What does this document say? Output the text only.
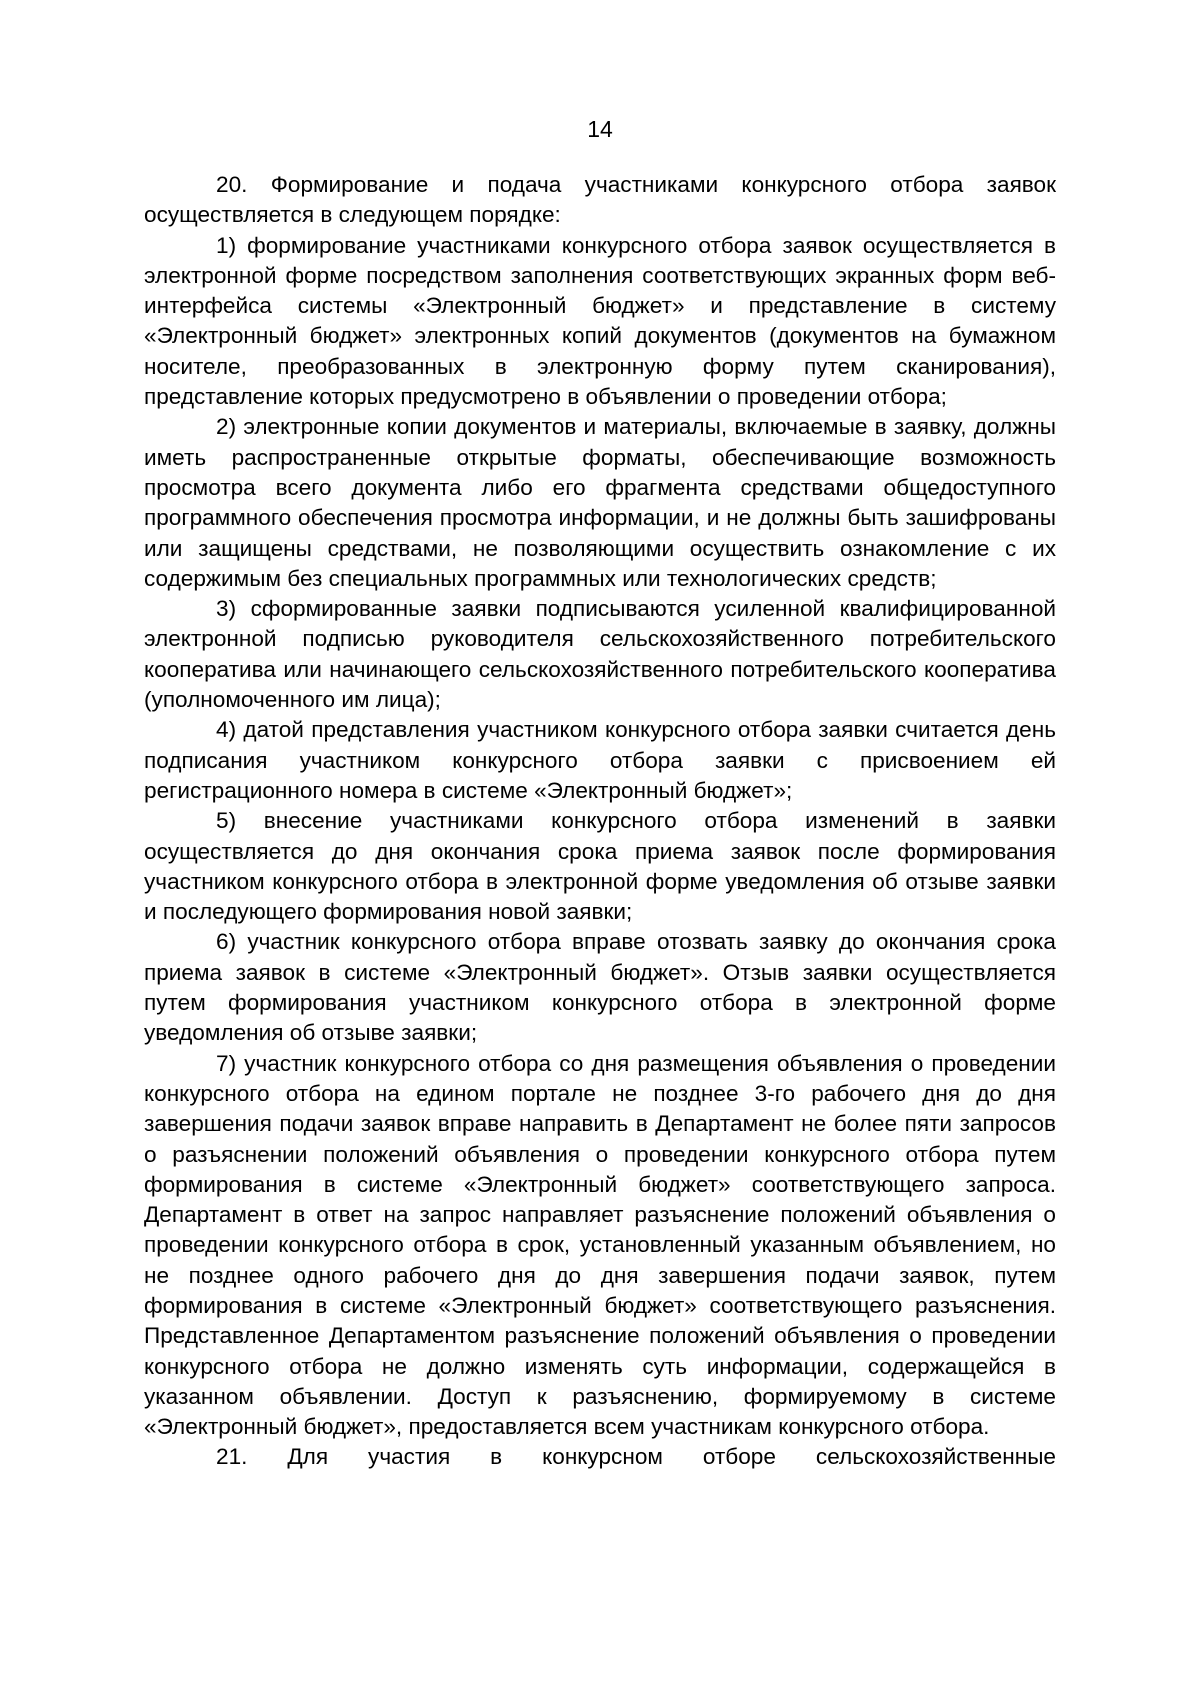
14

20. Формирование и подача участниками конкурсного отбора заявок осуществляется в следующем порядке:

1) формирование участниками конкурсного отбора заявок осуществляется в электронной форме посредством заполнения соответствующих экранных форм веб-интерфейса системы «Электронный бюджет» и представление в систему «Электронный бюджет» электронных копий документов (документов на бумажном носителе, преобразованных в электронную форму путем сканирования), представление которых предусмотрено в объявлении о проведении отбора;

2) электронные копии документов и материалы, включаемые в заявку, должны иметь распространенные открытые форматы, обеспечивающие возможность просмотра всего документа либо его фрагмента средствами общедоступного программного обеспечения просмотра информации, и не должны быть зашифрованы или защищены средствами, не позволяющими осуществить ознакомление с их содержимым без специальных программных или технологических средств;

3) сформированные заявки подписываются усиленной квалифицированной электронной подписью руководителя сельскохозяйственного потребительского кооператива или начинающего сельскохозяйственного потребительского кооператива (уполномоченного им лица);

4) датой представления участником конкурсного отбора заявки считается день подписания участником конкурсного отбора заявки с присвоением ей регистрационного номера в системе «Электронный бюджет»;

5) внесение участниками конкурсного отбора изменений в заявки осуществляется до дня окончания срока приема заявок после формирования участником конкурсного отбора в электронной форме уведомления об отзыве заявки и последующего формирования новой заявки;

6) участник конкурсного отбора вправе отозвать заявку до окончания срока приема заявок в системе «Электронный бюджет». Отзыв заявки осуществляется путем формирования участником конкурсного отбора в электронной форме уведомления об отзыве заявки;

7) участник конкурсного отбора со дня размещения объявления о проведении конкурсного отбора на едином портале не позднее 3-го рабочего дня до дня завершения подачи заявок вправе направить в Департамент не более пяти запросов о разъяснении положений объявления о проведении конкурсного отбора путем формирования в системе «Электронный бюджет» соответствующего запроса. Департамент в ответ на запрос направляет разъяснение положений объявления о проведении конкурсного отбора в срок, установленный указанным объявлением, но не позднее одного рабочего дня до дня завершения подачи заявок, путем формирования в системе «Электронный бюджет» соответствующего разъяснения. Представленное Департаментом разъяснение положений объявления о проведении конкурсного отбора не должно изменять суть информации, содержащейся в указанном объявлении. Доступ к разъяснению, формируемому в системе «Электронный бюджет», предоставляется всем участникам конкурсного отбора.

21. Для участия в конкурсном отборе сельскохозяйственные
